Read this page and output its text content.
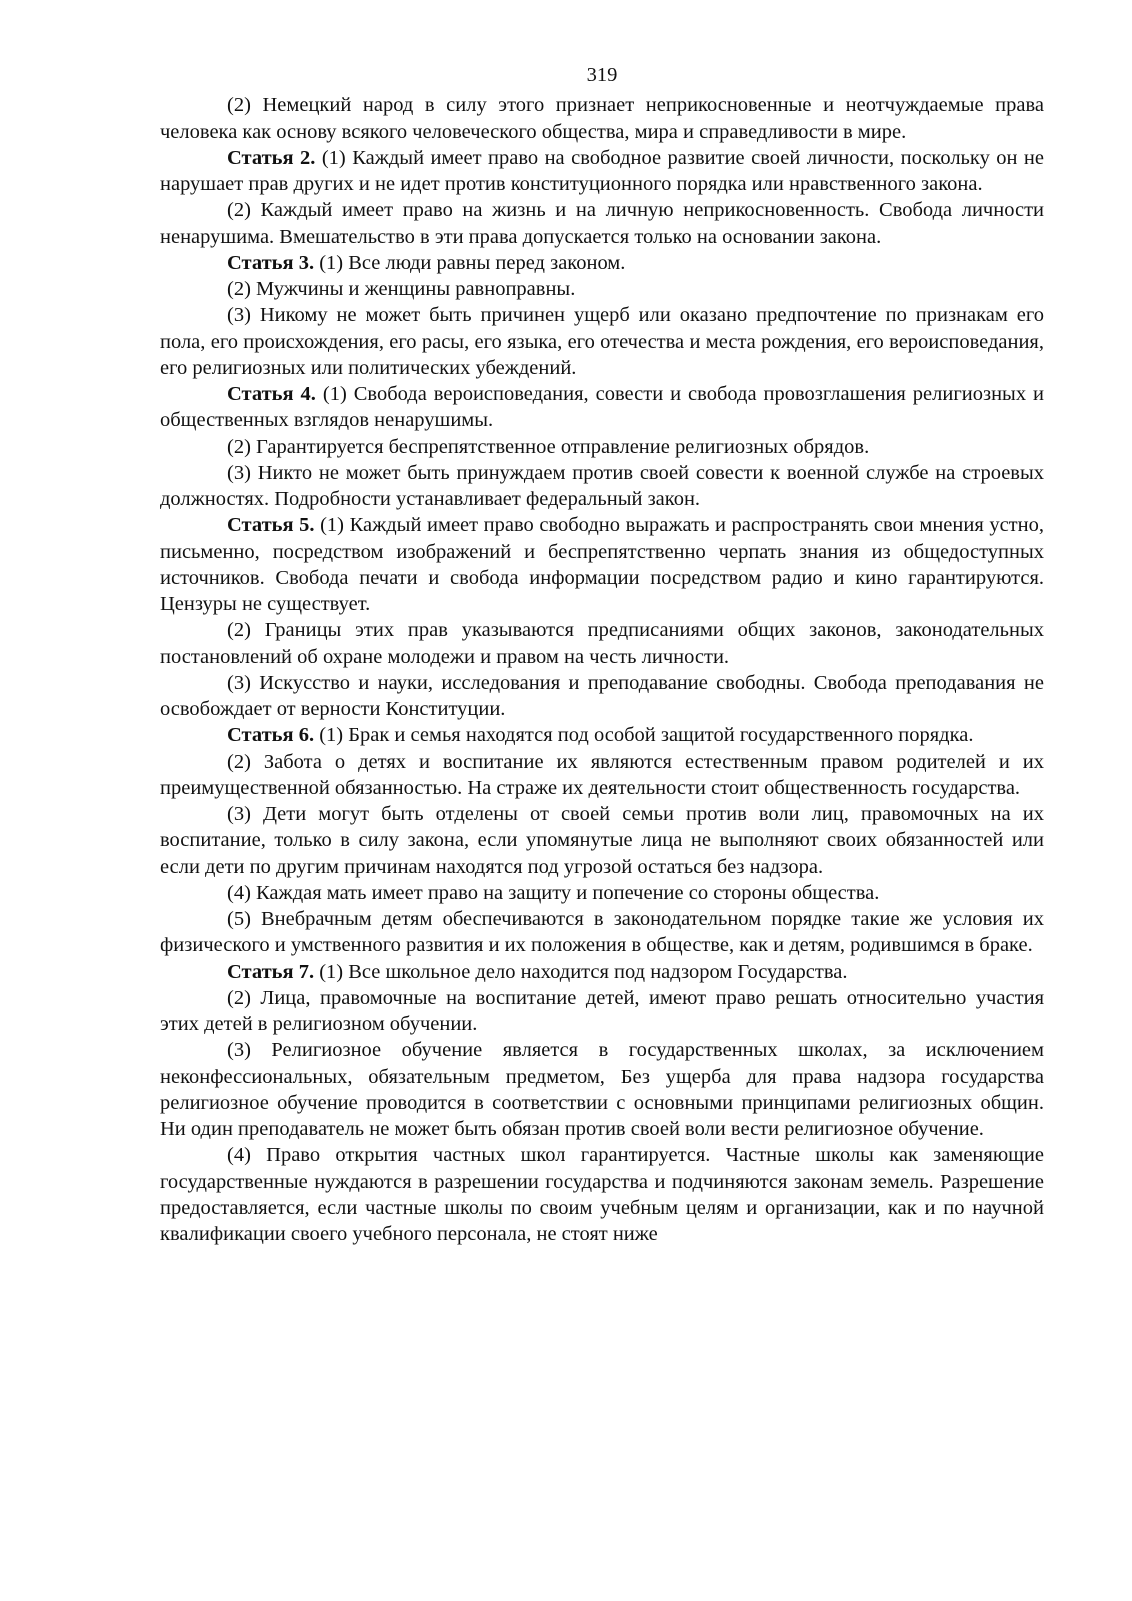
319

(2) Немецкий народ в силу этого признает неприкосновенные и неотчуждаемые права человека как основу всякого человеческого общества, мира и справедливости в мире.

Статья 2. (1) Каждый имеет право на свободное развитие своей личности, поскольку он не нарушает прав других и не идет против конституционного порядка или нравственного закона.

(2) Каждый имеет право на жизнь и на личную неприкосновенность. Свобода личности ненарушима. Вмешательство в эти права допускается только на основании закона.

Статья 3. (1) Все люди равны перед законом.

(2) Мужчины и женщины равноправны.

(3) Никому не может быть причинен ущерб или оказано предпочтение по признакам его пола, его происхождения, его расы, его языка, его отечества и места рождения, его вероисповедания, его религиозных или политических убеждений.

Статья 4. (1) Свобода вероисповедания, совести и свобода провозглашения религиозных и общественных взглядов ненарушимы.

(2) Гарантируется беспрепятственное отправление религиозных обрядов.

(3) Никто не может быть принуждаем против своей совести к военной службе на строевых должностях. Подробности устанавливает федеральный закон.

Статья 5. (1) Каждый имеет право свободно выражать и распространять свои мнения устно, письменно, посредством изображений и беспрепятственно черпать знания из общедоступных источников. Свобода печати и свобода информации посредством радио и кино гарантируются. Цензуры не существует.

(2) Границы этих прав указываются предписаниями общих законов, законодательных постановлений об охране молодежи и правом на честь личности.

(3) Искусство и науки, исследования и преподавание свободны. Свобода преподавания не освобождает от верности Конституции.

Статья 6. (1) Брак и семья находятся под особой защитой государственного порядка.

(2) Забота о детях и воспитание их являются естественным правом родителей и их преимущественной обязанностью. На страже их деятельности стоит общественность государства.

(3) Дети могут быть отделены от своей семьи против воли лиц, правомочных на их воспитание, только в силу закона, если упомянутые лица не выполняют своих обязанностей или если дети по другим причинам находятся под угрозой остаться без надзора.

(4) Каждая мать имеет право на защиту и попечение со стороны общества.

(5) Внебрачным детям обеспечиваются в законодательном порядке такие же условия их физического и умственного развития и их положения в обществе, как и детям, родившимся в браке.

Статья 7. (1) Все школьное дело находится под надзором Государства.

(2) Лица, правомочные на воспитание детей, имеют право решать относительно участия этих детей в религиозном обучении.

(3) Религиозное обучение является в государственных школах, за исключением неконфессиональных, обязательным предметом, Без ущерба для права надзора государства религиозное обучение проводится в соответствии с основными принципами религиозных общин. Ни один преподаватель не может быть обязан против своей воли вести религиозное обучение.

(4) Право открытия частных школ гарантируется. Частные школы как заменяющие государственные нуждаются в разрешении государства и подчиняются законам земель. Разрешение предоставляется, если частные школы по своим учебным целям и организации, как и по научной квалификации своего учебного персонала, не стоят ниже
